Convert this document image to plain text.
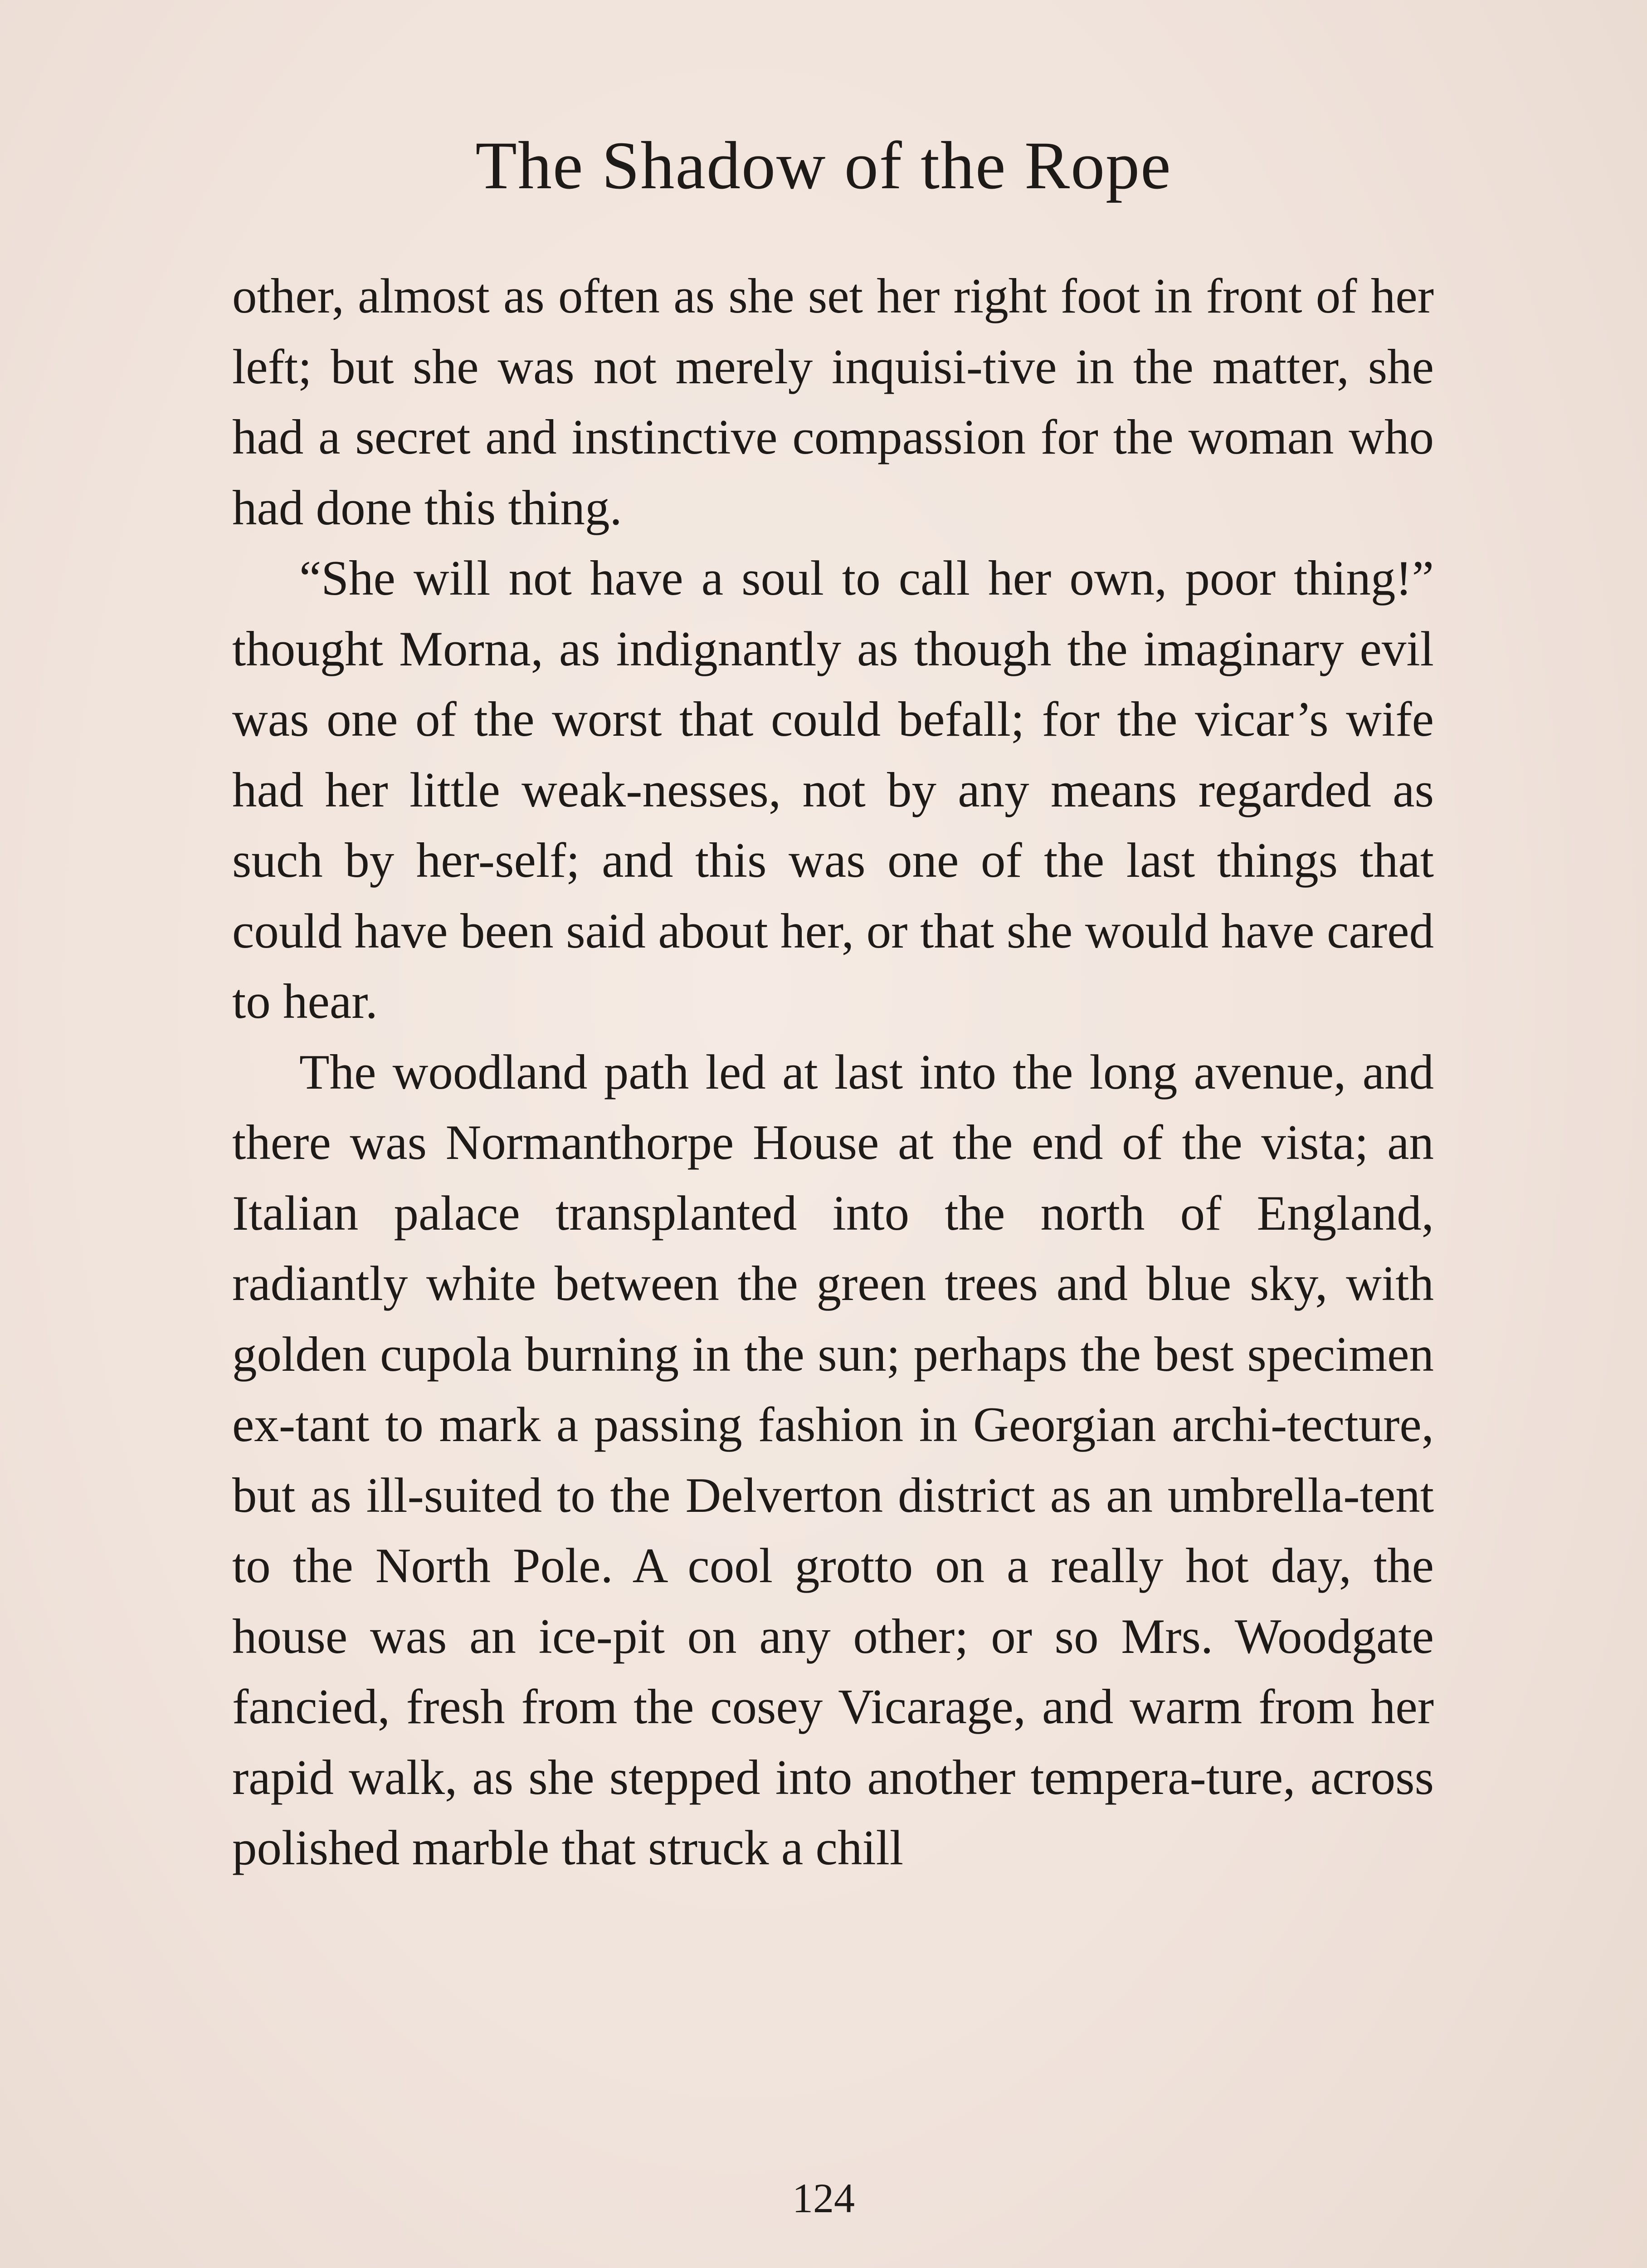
The Shadow of the Rope

other, almost as often as she set her right foot in front of her left; but she was not merely inquisi-tive in the matter, she had a secret and instinctive compassion for the woman who had done this thing.

“She will not have a soul to call her own, poor thing!” thought Morna, as indignantly as though the imaginary evil was one of the worst that could befall; for the vicar’s wife had her little weak-nesses, not by any means regarded as such by her-self; and this was one of the last things that could have been said about her, or that she would have cared to hear.

The woodland path led at last into the long avenue, and there was Normanthorpe House at the end of the vista; an Italian palace transplanted into the north of England, radiantly white between the green trees and blue sky, with golden cupola burning in the sun; perhaps the best specimen ex-tant to mark a passing fashion in Georgian archi-tecture, but as ill-suited to the Delverton district as an umbrella-tent to the North Pole. A cool grotto on a really hot day, the house was an ice-pit on any other; or so Mrs. Woodgate fancied, fresh from the cosey Vicarage, and warm from her rapid walk, as she stepped into another tempera-ture, across polished marble that struck a chill

124
